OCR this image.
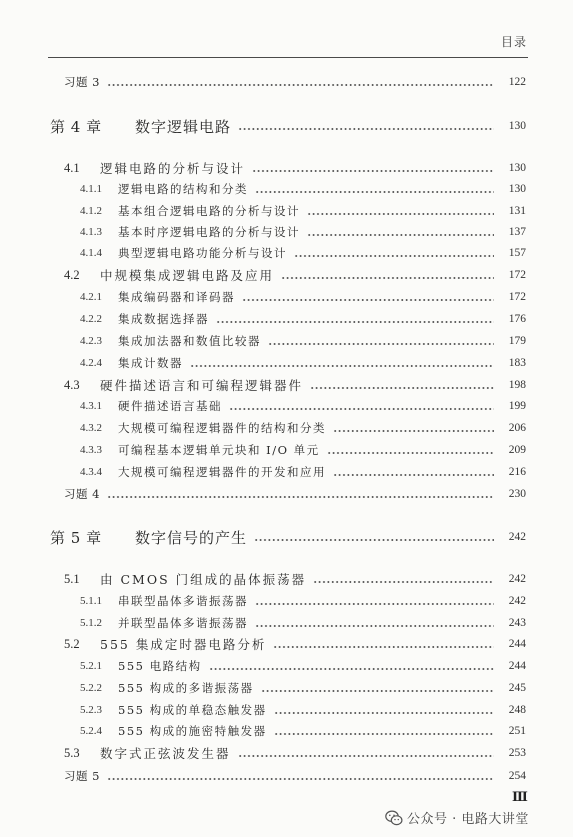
目录
习题 3	122
第 4 章	数字逻辑电路	130
4.1	逻辑电路的分析与设计	130
4.1.1	逻辑电路的结构和分类	130
4.1.2	基本组合逻辑电路的分析与设计	131
4.1.3	基本时序逻辑电路的分析与设计	137
4.1.4	典型逻辑电路功能分析与设计	157
4.2	中规模集成逻辑电路及应用	172
4.2.1	集成编码器和译码器	172
4.2.2	集成数据选择器	176
4.2.3	集成加法器和数值比较器	179
4.2.4	集成计数器	183
4.3	硬件描述语言和可编程逻辑器件	198
4.3.1	硬件描述语言基础	199
4.3.2	大规模可编程逻辑器件的结构和分类	206
4.3.3	可编程基本逻辑单元块和 I/O 单元	209
4.3.4	大规模可编程逻辑器件的开发和应用	216
习题 4	230
第 5 章	数字信号的产生	242
5.1	由 CMOS 门组成的晶体振荡器	242
5.1.1	串联型晶体多谐振荡器	242
5.1.2	并联型晶体多谐振荡器	243
5.2	555 集成定时器电路分析	244
5.2.1	555 电路结构	244
5.2.2	555 构成的多谐振荡器	245
5.2.3	555 构成的单稳态触发器	248
5.2.4	555 构成的施密特触发器	251
5.3	数字式正弦波发生器	253
习题 5	254
Ⅲ
公众号 · 电路大讲堂
